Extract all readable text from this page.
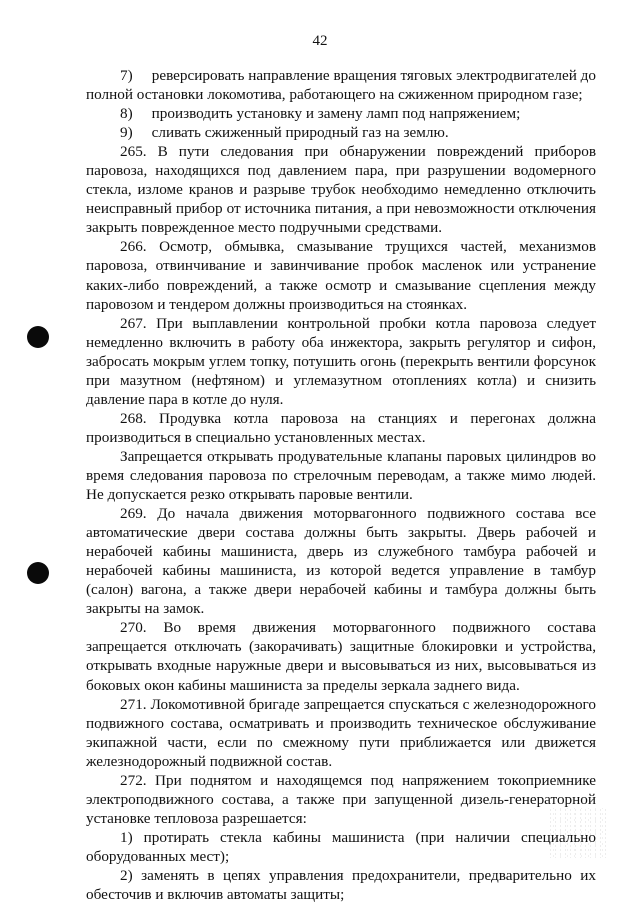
42

7)     реверсировать направление вращения тяговых электродвигателей до полной остановки локомотива, работающего на сжиженном природном газе;

8)     производить установку и замену ламп под напряжением;

9)     сливать сжиженный природный газ на землю.

265. В пути следования при обнаружении повреждений приборов паровоза, находящихся под давлением пара, при разрушении водомерного стекла, изломе кранов и разрыве трубок необходимо немедленно отключить неисправный прибор от источника питания, а при невозможности отключения закрыть поврежденное место подручными средствами.

266. Осмотр, обмывка, смазывание трущихся частей, механизмов паровоза, отвинчивание и завинчивание пробок масленок или устранение каких-либо повреждений, а также осмотр и смазывание сцепления между паровозом и тендером должны производиться на стоянках.

267. При выплавлении контрольной пробки котла паровоза следует немедленно включить в работу оба инжектора, закрыть регулятор и сифон, забросать мокрым углем топку, потушить огонь (перекрыть вентили форсунок при мазутном (нефтяном) и углемазутном отоплениях котла) и снизить давление пара в котле до нуля.

268. Продувка котла паровоза на станциях и перегонах должна производиться в специально установленных местах.

Запрещается открывать продувательные клапаны паровых цилиндров во время следования паровоза по стрелочным переводам, а также мимо людей. Не допускается резко открывать паровые вентили.

269. До начала движения моторвагонного подвижного состава все автоматические двери состава должны быть закрыты. Дверь рабочей и нерабочей кабины машиниста, дверь из служебного тамбура рабочей и нерабочей кабины машиниста, из которой ведется управление в тамбур (салон) вагона, а также двери нерабочей кабины и тамбура должны быть закрыты на замок.

270. Во время движения моторвагонного подвижного состава запрещается отключать (закорачивать) защитные блокировки и устройства, открывать входные наружные двери и высовываться из них, высовываться из боковых окон кабины машиниста за пределы зеркала заднего вида.

271. Локомотивной бригаде запрещается спускаться с железнодорожного подвижного состава, осматривать и производить техническое обслуживание экипажной части, если по смежному пути приближается или движется железнодорожный подвижной состав.

272. При поднятом и находящемся под напряжением токоприемнике электроподвижного состава, а также при запущенной дизель-генераторной установке тепловоза разрешается:

1) протирать стекла кабины машиниста (при наличии специально оборудованных мест);

2) заменять в цепях управления предохранители, предварительно их обесточив и включив автоматы защиты;
